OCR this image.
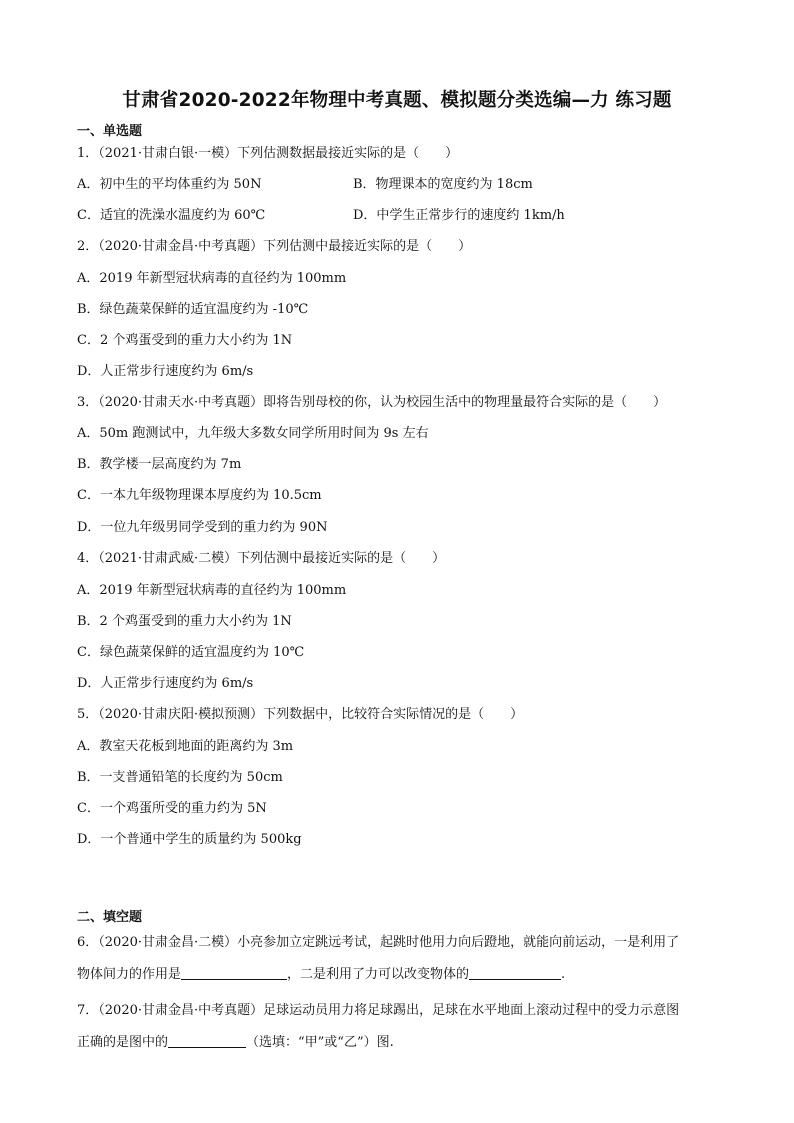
甘肃省2020-2022年物理中考真题、模拟题分类选编—力 练习题
一、单选题
1．（2021·甘肃白银·一模）下列估测数据最接近实际的是（　　）
A．初中生的平均体重约为 50N	B．物理课本的宽度约为 18cm
C．适宜的洗澡水温度约为 60℃	D．中学生正常步行的速度约 1km/h
2．（2020·甘肃金昌·中考真题）下列估测中最接近实际的是（　　）
A．2019 年新型冠状病毒的直径约为 100mm
B．绿色蔬菜保鲜的适宜温度约为 -10℃
C．2 个鸡蛋受到的重力大小约为 1N
D．人正常步行速度约为 6m/s
3．（2020·甘肃天水·中考真题）即将告别母校的你，认为校园生活中的物理量最符合实际的是（　　）
A．50m 跑测试中，九年级大多数女同学所用时间为 9s 左右
B．教学楼一层高度约为 7m
C．一本九年级物理课本厚度约为 10.5cm
D．一位九年级男同学受到的重力约为 90N
4．（2021·甘肃武威·二模）下列估测中最接近实际的是（　　）
A．2019 年新型冠状病毒的直径约为 100mm
B．2 个鸡蛋受到的重力大小约为 1N
C．绿色蔬菜保鲜的适宜温度约为 10℃
D．人正常步行速度约为 6m/s
5．（2020·甘肃庆阳·模拟预测）下列数据中，比较符合实际情况的是（　　）
A．教室天花板到地面的距离约为 3m
B．一支普通铅笔的长度约为 50cm
C．一个鸡蛋所受的重力约为 5N
D．一个普通中学生的质量约为 500kg
二、填空题
6．（2020·甘肃金昌·二模）小亮参加立定跳远考试，起跳时他用力向后蹬地，就能向前运动，一是利用了
物体间力的作用是	，二是利用了力可以改变物体的	.
7．（2020·甘肃金昌·中考真题）足球运动员用力将足球踢出，足球在水平地面上滚动过程中的受力示意图
正确的是图中的	（选填：“甲”或“乙”）图.
